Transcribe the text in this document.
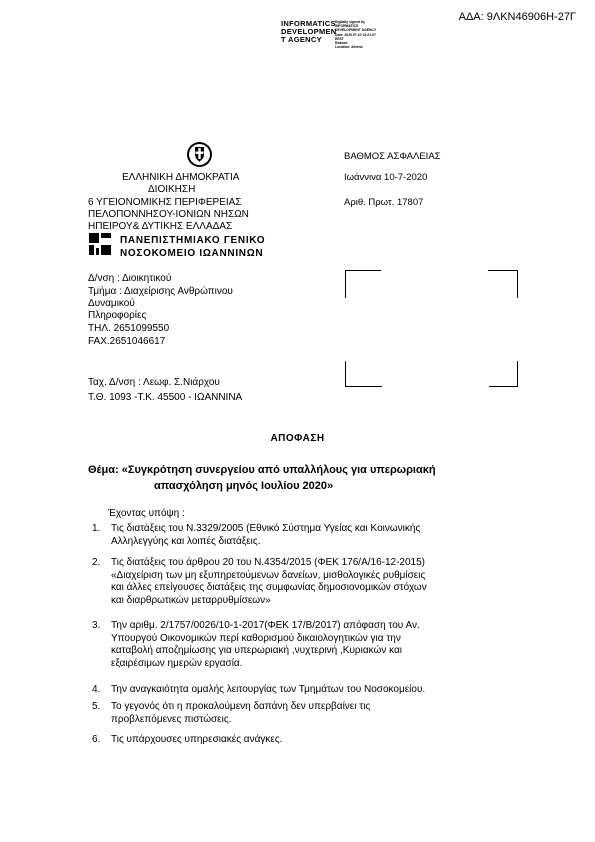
ΑΔΑ: 9ΛΚΝ46906Η-27Γ
INFORMATICS
DEVELOPMEN
T AGENCY
Digitally signed by
INFORMATICS
DEVELOPMENT AGENCY
Date: 2020.07.10 13:21:07
EEST
Reason:
Location: Athens
ΕΛΛΗΝΙΚΗ ΔΗΜΟΚΡΑΤΙΑ
ΔΙΟΙΚΗΣΗ
6 ΥΓΕΙΟΝΟΜΙΚΗΣ ΠΕΡΙΦΕΡΕΙΑΣ
ΠΕΛΟΠΟΝΝΗΣΟΥ-ΙΟΝΙΩΝ ΝΗΣΩΝ
ΗΠΕΙΡΟΥ& ΔΥΤΙΚΗΣ ΕΛΛΑΔΑΣ
ΠΑΝΕΠΙΣΤΗΜΙΑΚΟ ΓΕΝΙΚΟ
ΝΟΣΟΚΟΜΕΙΟ ΙΩΑΝΝΙΝΩΝ
ΒΑΘΜΟΣ ΑΣΦΑΛΕΙΑΣ
Ιωάννινα 10-7-2020
Αριθ. Πρωτ. 17807
Δ/νση : Διοικητικού
Τμήμα : Διαχείρισης Ανθρώπινου
Δυναμικού
Πληροφορίες
ΤΗΛ. 2651099550
FAX.2651046617
Ταχ. Δ/νση : Λεωφ. Σ.Νιάρχου
Τ.Θ. 1093 -Τ.Κ. 45500 - ΙΩΑΝΝΙΝΑ
ΑΠΟΦΑΣΗ
Θέμα: «Συγκρότηση συνεργείου από υπαλλήλους για υπερωριακή
απασχόληση μηνός Ιουλίου 2020»
Έχοντας υπόψη :
1. Τις διατάξεις του Ν.3329/2005 (Εθνικό Σύστημα Υγείας και Κοινωνικής
Αλληλεγγύης και λοιπές διατάξεις.
2. Τις διατάξεις του άρθρου 20 του Ν.4354/2015 (ΦΕΚ 176/Α/16-12-2015)
«Διαχείριση των μη εξυπηρετούμενων δανείων, μισθολογικές ρυθμίσεις
και άλλες επείγουσες διατάξεις της συμφωνίας δημοσιονομικών στόχων
και διαρθρωτικών μεταρρυθμίσεων»
3. Την αριθμ. 2/1757/0026/10-1-2017(ΦΕΚ 17/Β/2017) απόφαση του Αν.
Υπουργού Οικονομικών περί καθορισμού δικαιολογητικών για την
καταβολή αποζημίωσης για υπερωριακή ,νυχτερινή ,Κυριακών και
εξαιρέσιμων ημερών εργασία.
4. Την αναγκαιότητα ομαλής λειτουργίας των Τμημάτων του Νοσοκομείου.
5. Το γεγονός ότι η προκαλούμενη δαπάνη δεν υπερβαίνει τις
προβλεπόμενες πιστώσεις.
6. Τις υπάρχουσες υπηρεσιακές ανάγκες.
